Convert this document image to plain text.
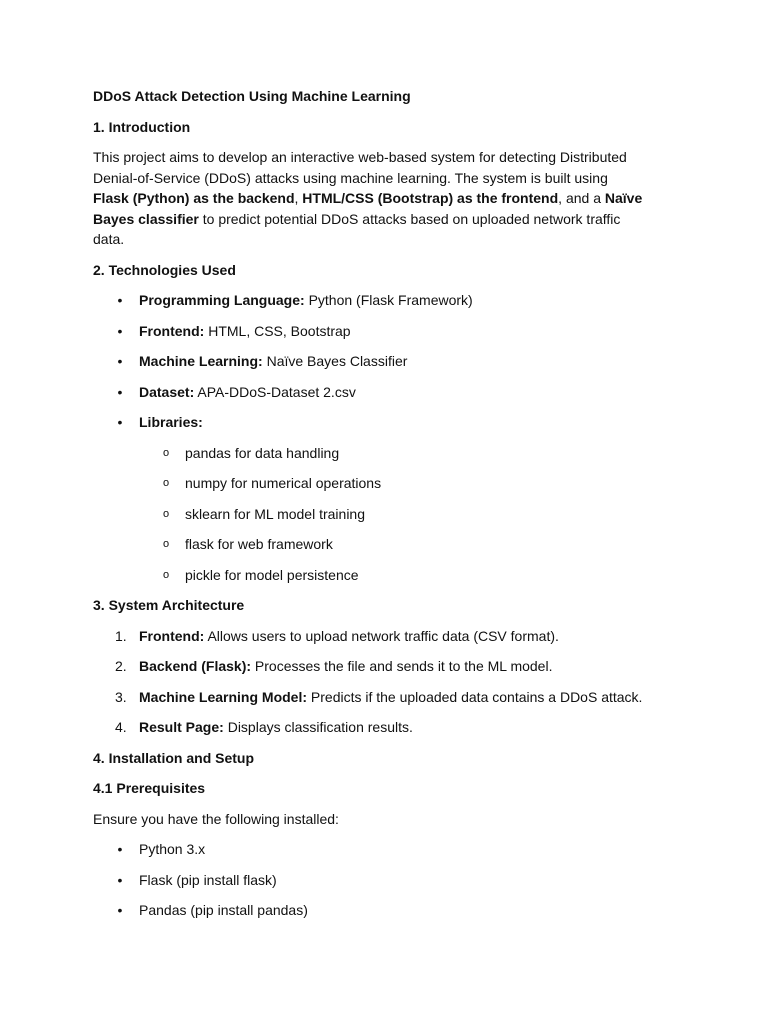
DDoS Attack Detection Using Machine Learning

1. Introduction

This project aims to develop an interactive web-based system for detecting Distributed
Denial-of-Service (DDoS) attacks using machine learning. The system is built using
Flask (Python) as the backend, HTML/CSS (Bootstrap) as the frontend, and a Naïve
Bayes classifier to predict potential DDoS attacks based on uploaded network traffic
data.

2. Technologies Used

• Programming Language: Python (Flask Framework)
• Frontend: HTML, CSS, Bootstrap
• Machine Learning: Naïve Bayes Classifier
• Dataset: APA-DDoS-Dataset 2.csv
• Libraries:
o pandas for data handling
o numpy for numerical operations
o sklearn for ML model training
o flask for web framework
o pickle for model persistence

3. System Architecture

1. Frontend: Allows users to upload network traffic data (CSV format).
2. Backend (Flask): Processes the file and sends it to the ML model.
3. Machine Learning Model: Predicts if the uploaded data contains a DDoS attack.
4. Result Page: Displays classification results.

4. Installation and Setup

4.1 Prerequisites

Ensure you have the following installed:

• Python 3.x
• Flask (pip install flask)
• Pandas (pip install pandas)
